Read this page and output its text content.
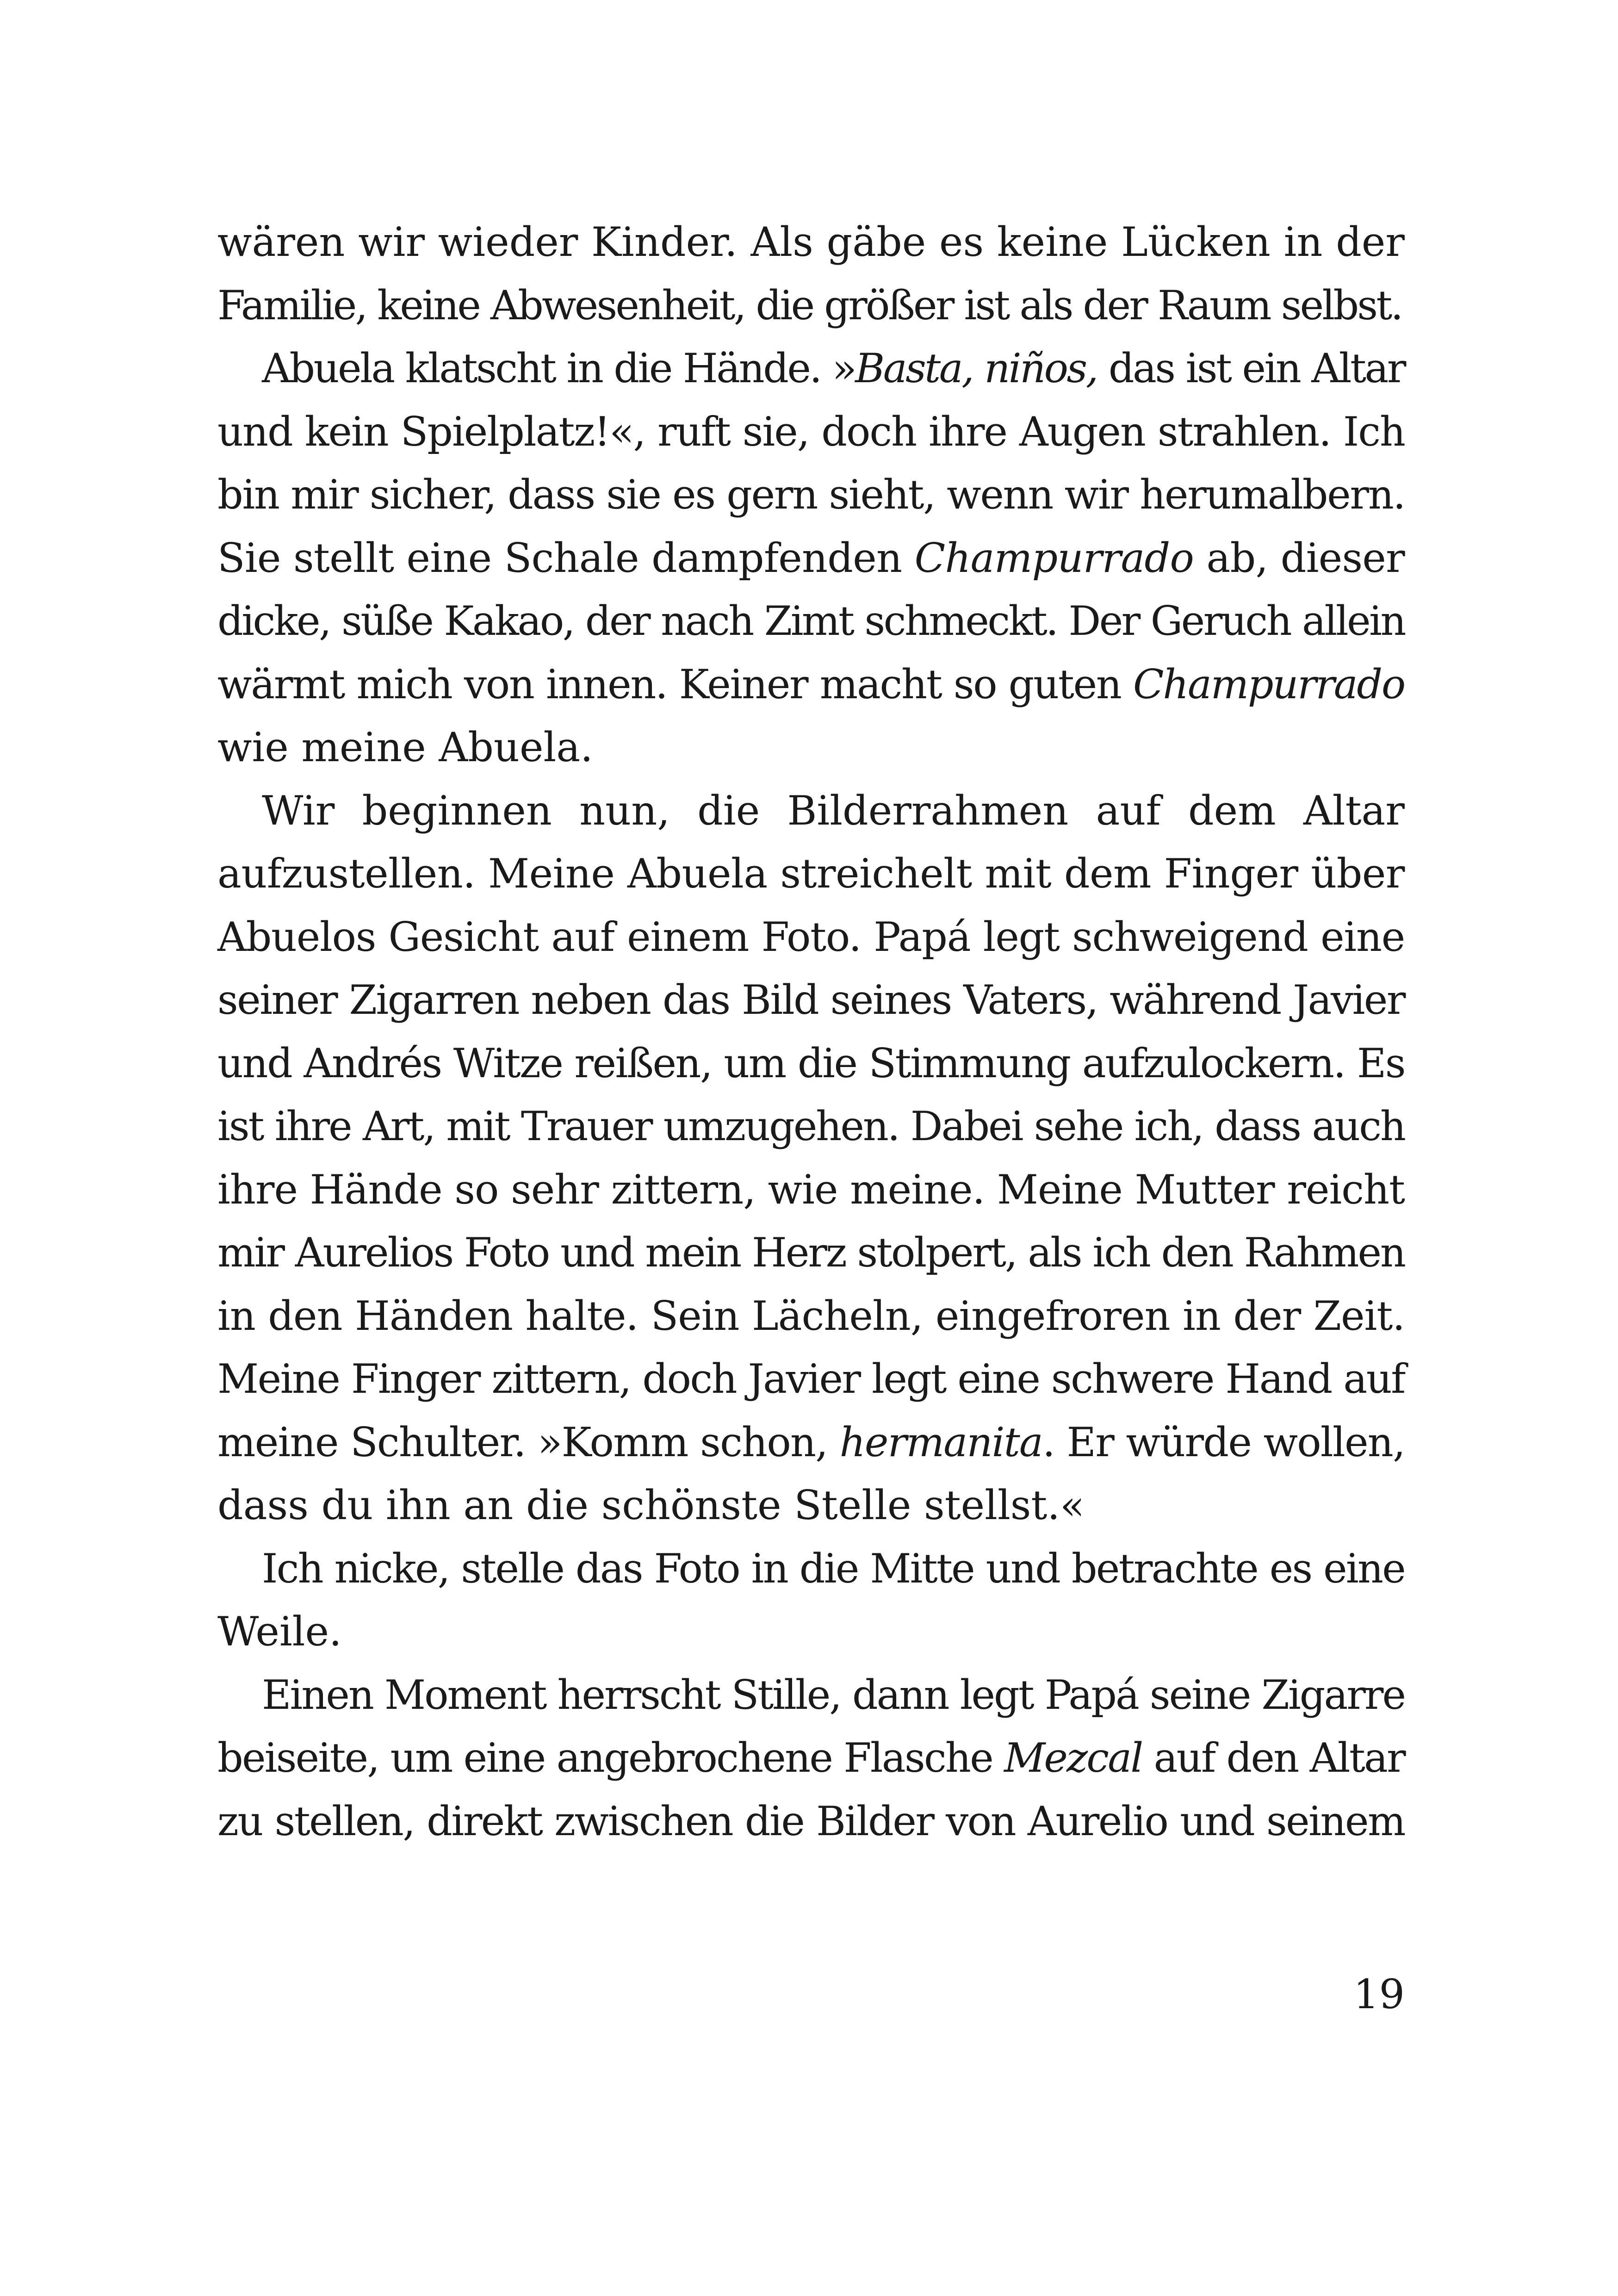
wären wir wieder Kinder. Als gäbe es keine Lücken in der
Familie, keine Abwesenheit, die größer ist als der Raum selbst.
Abuela klatscht in die Hände. »Basta, niños, das ist ein Altar
und kein Spielplatz!«, ruft sie, doch ihre Augen strahlen. Ich
bin mir sicher, dass sie es gern sieht, wenn wir herumalbern.
Sie stellt eine Schale dampfenden Champurrado ab, dieser
dicke, süße Kakao, der nach Zimt schmeckt. Der Geruch allein
wärmt mich von innen. Keiner macht so guten Champurrado
wie meine Abuela.
Wir beginnen nun, die Bilderrahmen auf dem Altar
aufzustellen. Meine Abuela streichelt mit dem Finger über
Abuelos Gesicht auf einem Foto. Papá legt schweigend eine
seiner Zigarren neben das Bild seines Vaters, während Javier
und Andrés Witze reißen, um die Stimmung aufzulockern. Es
ist ihre Art, mit Trauer umzugehen. Dabei sehe ich, dass auch
ihre Hände so sehr zittern, wie meine. Meine Mutter reicht
mir Aurelios Foto und mein Herz stolpert, als ich den Rahmen
in den Händen halte. Sein Lächeln, eingefroren in der Zeit.
Meine Finger zittern, doch Javier legt eine schwere Hand auf
meine Schulter. »Komm schon, hermanita. Er würde wollen,
dass du ihn an die schönste Stelle stellst.«
Ich nicke, stelle das Foto in die Mitte und betrachte es eine
Weile.
Einen Moment herrscht Stille, dann legt Papá seine Zigarre
beiseite, um eine angebrochene Flasche Mezcal auf den Altar
zu stellen, direkt zwischen die Bilder von Aurelio und seinem
19
